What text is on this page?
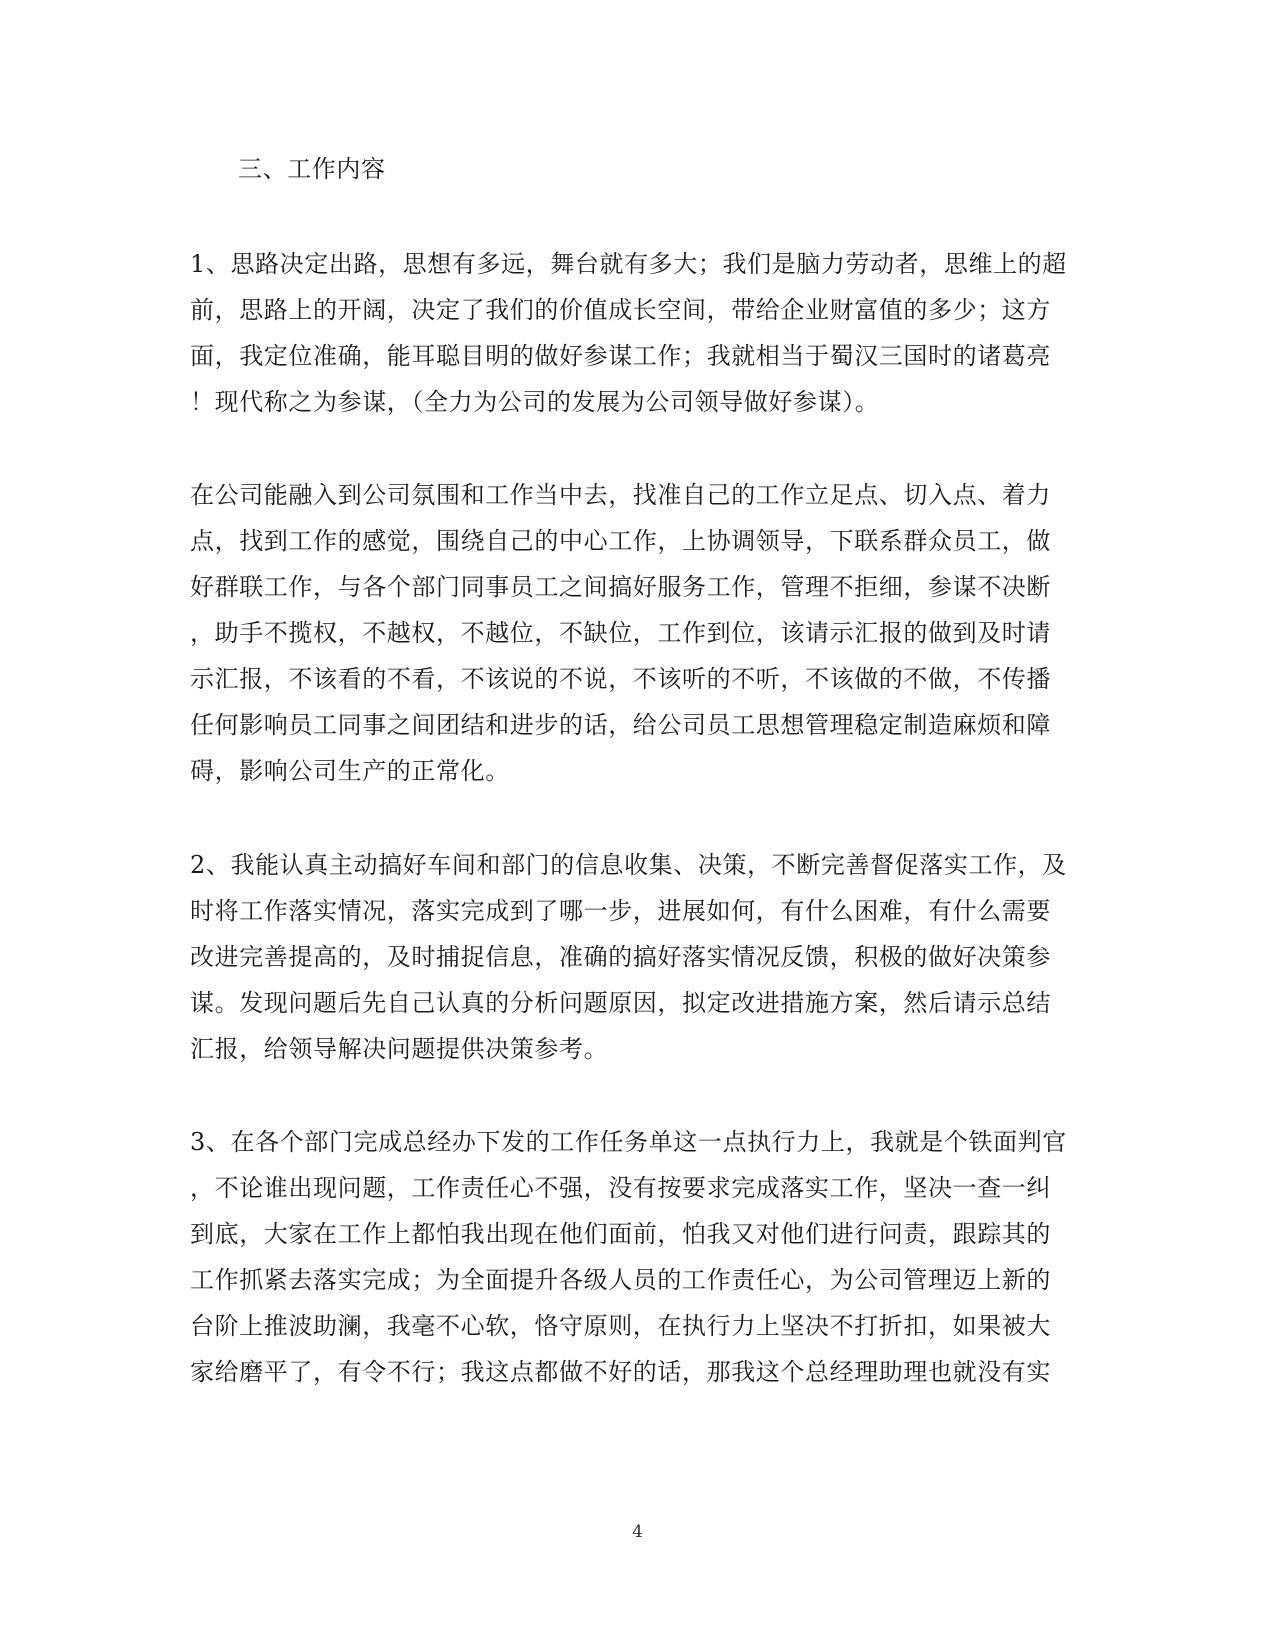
三、工作内容
1、思路决定出路，思想有多远，舞台就有多大；我们是脑力劳动者，思维上的超
前，思路上的开阔，决定了我们的价值成长空间，带给企业财富值的多少；这方
面，我定位准确，能耳聪目明的做好参谋工作；我就相当于蜀汉三国时的诸葛亮
！现代称之为参谋，（全力为公司的发展为公司领导做好参谋）。
在公司能融入到公司氛围和工作当中去，找准自己的工作立足点、切入点、着力
点，找到工作的感觉，围绕自己的中心工作，上协调领导，下联系群众员工，做
好群联工作，与各个部门同事员工之间搞好服务工作，管理不拒细，参谋不决断
，助手不揽权，不越权，不越位，不缺位，工作到位，该请示汇报的做到及时请
示汇报，不该看的不看，不该说的不说，不该听的不听，不该做的不做，不传播
任何影响员工同事之间团结和进步的话，给公司员工思想管理稳定制造麻烦和障
碍，影响公司生产的正常化。
2、我能认真主动搞好车间和部门的信息收集、决策，不断完善督促落实工作，及
时将工作落实情况，落实完成到了哪一步，进展如何，有什么困难，有什么需要
改进完善提高的，及时捕捉信息，准确的搞好落实情况反馈，积极的做好决策参
谋。发现问题后先自己认真的分析问题原因，拟定改进措施方案，然后请示总结
汇报，给领导解决问题提供决策参考。
3、在各个部门完成总经办下发的工作任务单这一点执行力上，我就是个铁面判官
，不论谁出现问题，工作责任心不强，没有按要求完成落实工作，坚决一查一纠
到底，大家在工作上都怕我出现在他们面前，怕我又对他们进行问责，跟踪其的
工作抓紧去落实完成；为全面提升各级人员的工作责任心，为公司管理迈上新的
台阶上推波助澜，我毫不心软，恪守原则，在执行力上坚决不打折扣，如果被大
家给磨平了，有令不行；我这点都做不好的话，那我这个总经理助理也就没有实
4
